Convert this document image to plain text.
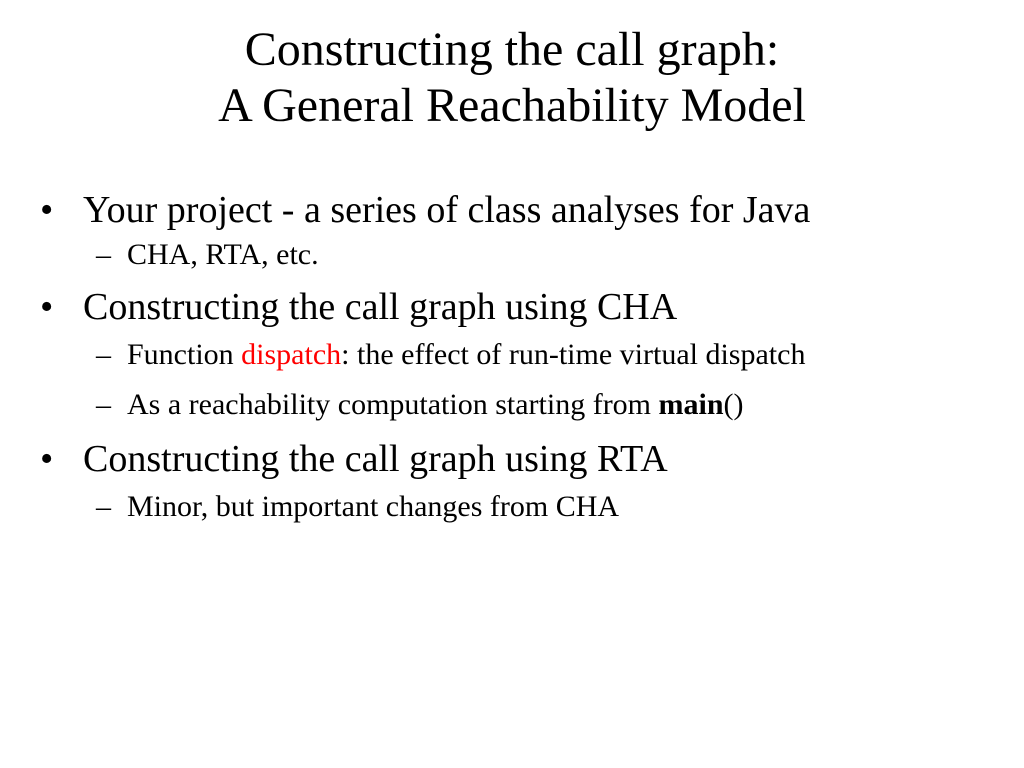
Constructing the call graph:
A General Reachability Model
• Your project - a series of class analyses for Java
– CHA, RTA, etc.
• Constructing the call graph using CHA
– Function dispatch: the effect of run-time virtual dispatch
– As a reachability computation starting from main()
• Constructing the call graph using RTA
– Minor, but important changes from CHA
